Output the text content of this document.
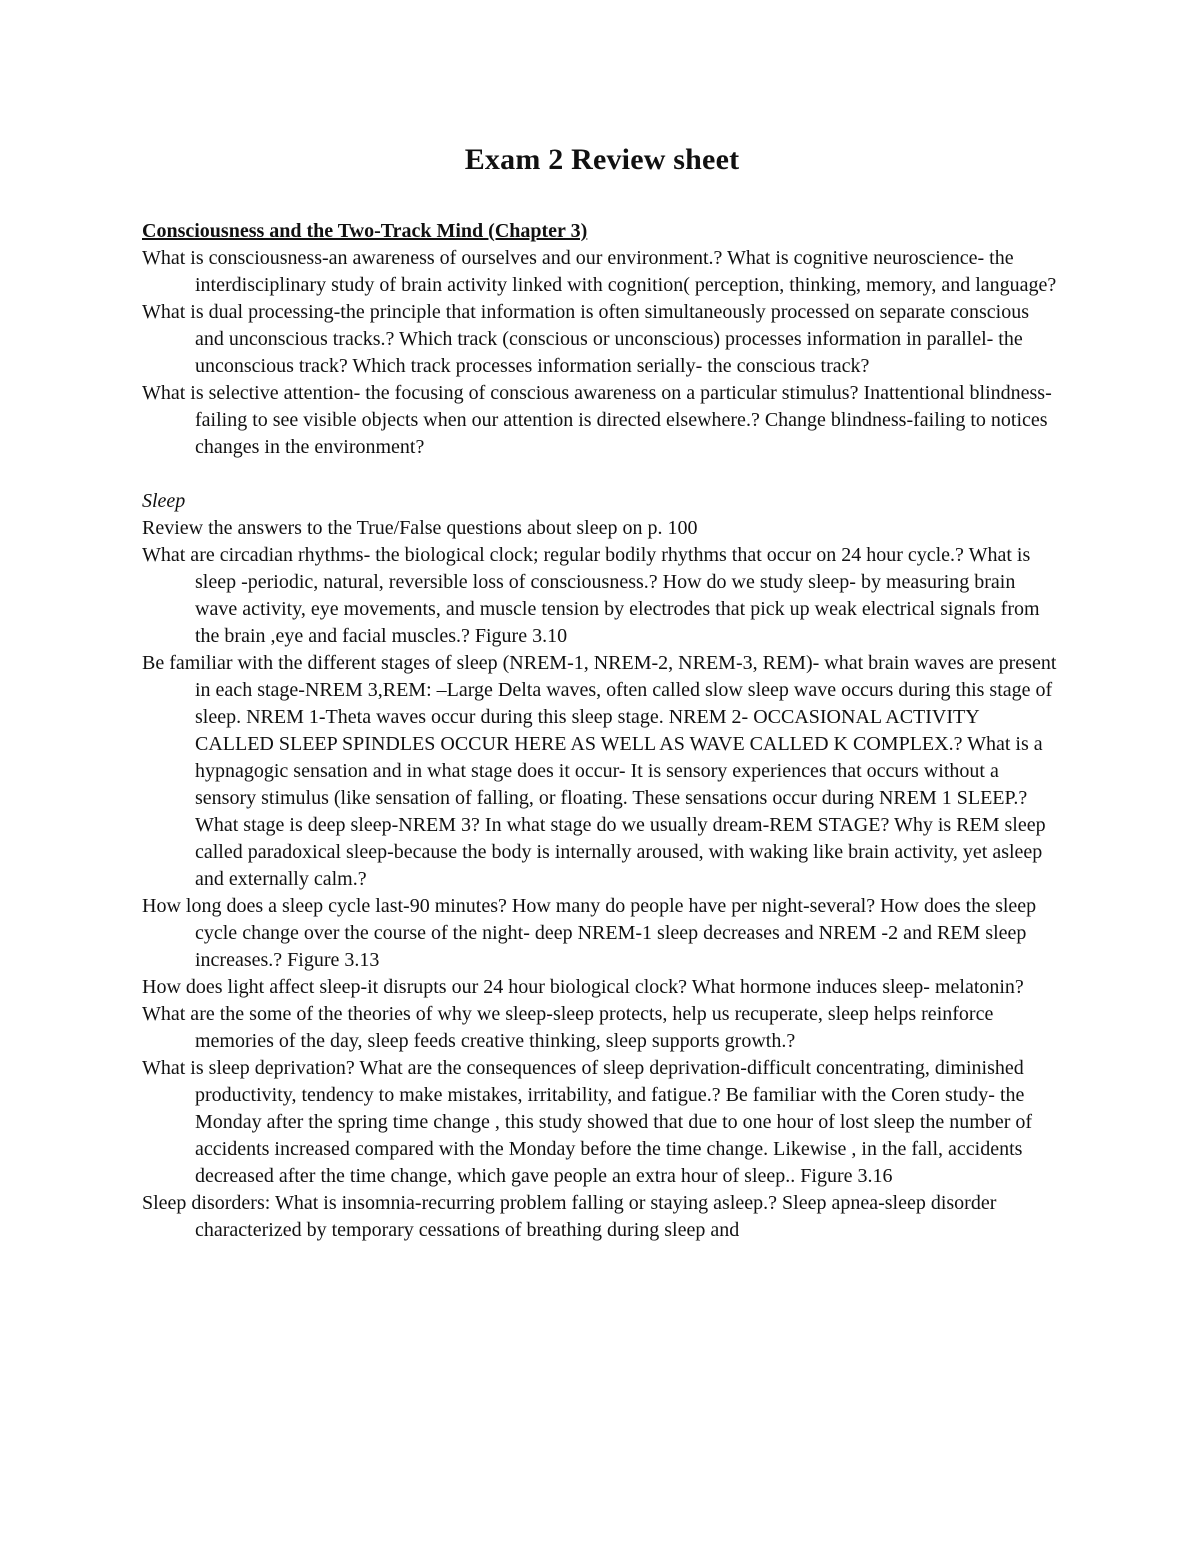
Exam 2 Review sheet

Consciousness and the Two-Track Mind (Chapter 3)

What is consciousness-an awareness of ourselves and our environment.? What is cognitive neuroscience- the interdisciplinary study of brain activity linked with cognition( perception, thinking, memory, and language?

What is dual processing-the principle that information is often simultaneously processed on separate conscious and unconscious tracks.? Which track (conscious or unconscious) processes information in parallel- the unconscious track? Which track processes information serially- the conscious track?

What is selective attention- the focusing of conscious awareness on a particular stimulus? Inattentional blindness- failing to see visible objects when our attention is directed elsewhere.? Change blindness-failing to notices changes in the environment?

Sleep

Review the answers to the True/False questions about sleep on p. 100

What are circadian rhythms- the biological clock; regular bodily rhythms that occur on 24 hour cycle.? What is sleep -periodic, natural, reversible loss of consciousness.? How do we study sleep- by measuring brain wave activity, eye movements, and muscle tension by electrodes that pick up weak electrical signals from the brain ,eye and facial muscles.? Figure 3.10

Be familiar with the different stages of sleep (NREM-1, NREM-2, NREM-3, REM)- what brain waves are present in each stage-NREM 3,REM: –Large Delta waves, often called slow sleep wave occurs during this stage of sleep. NREM 1-Theta waves occur during this sleep stage. NREM 2- OCCASIONAL ACTIVITY CALLED SLEEP SPINDLES OCCUR HERE AS WELL AS WAVE CALLED K COMPLEX.? What is a hypnagogic sensation and in what stage does it occur- It is sensory experiences that occurs without a sensory stimulus (like sensation of falling, or floating. These sensations occur during NREM 1 SLEEP.? What stage is deep sleep-NREM 3? In what stage do we usually dream-REM STAGE? Why is REM sleep called paradoxical sleep-because the body is internally aroused, with waking like brain activity, yet asleep and externally calm.?

How long does a sleep cycle last-90 minutes? How many do people have per night-several? How does the sleep cycle change over the course of the night- deep NREM-1 sleep decreases and NREM -2 and REM sleep increases.? Figure 3.13

How does light affect sleep-it disrupts our 24 hour biological clock? What hormone induces sleep- melatonin?

What are the some of the theories of why we sleep-sleep protects, help us recuperate, sleep helps reinforce memories of the day, sleep feeds creative thinking, sleep supports growth.?

What is sleep deprivation? What are the consequences of sleep deprivation-difficult concentrating, diminished productivity, tendency to make mistakes, irritability, and fatigue.? Be familiar with the Coren study- the Monday after the spring time change , this study showed that due to one hour of lost sleep the number of accidents increased compared with the Monday before the time change. Likewise , in the fall, accidents decreased after the time change, which gave people an extra hour of sleep.. Figure 3.16

Sleep disorders: What is insomnia-recurring problem falling or staying asleep.? Sleep apnea-sleep disorder characterized by temporary cessations of breathing during sleep and
